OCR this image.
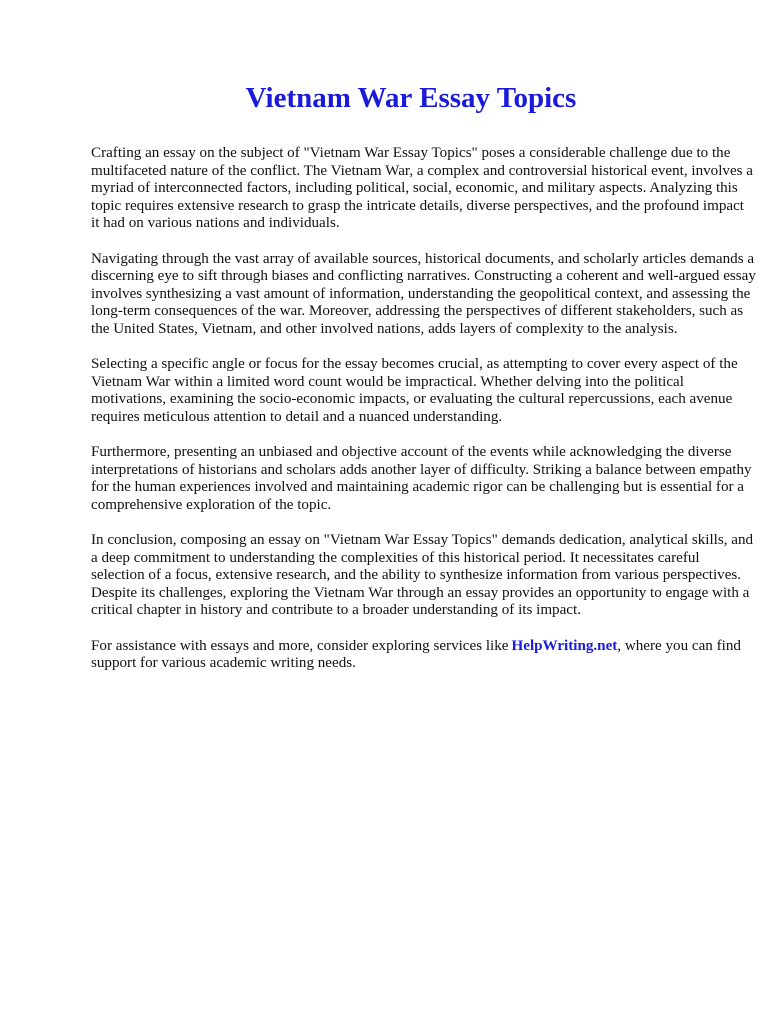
Vietnam War Essay Topics

Crafting an essay on the subject of "Vietnam War Essay Topics" poses a considerable challenge due to the multifaceted nature of the conflict. The Vietnam War, a complex and controversial historical event, involves a myriad of interconnected factors, including political, social, economic, and military aspects. Analyzing this topic requires extensive research to grasp the intricate details, diverse perspectives, and the profound impact it had on various nations and individuals.

Navigating through the vast array of available sources, historical documents, and scholarly articles demands a discerning eye to sift through biases and conflicting narratives. Constructing a coherent and well-argued essay involves synthesizing a vast amount of information, understanding the geopolitical context, and assessing the long-term consequences of the war. Moreover, addressing the perspectives of different stakeholders, such as the United States, Vietnam, and other involved nations, adds layers of complexity to the analysis.

Selecting a specific angle or focus for the essay becomes crucial, as attempting to cover every aspect of the Vietnam War within a limited word count would be impractical. Whether delving into the political motivations, examining the socio-economic impacts, or evaluating the cultural repercussions, each avenue requires meticulous attention to detail and a nuanced understanding.

Furthermore, presenting an unbiased and objective account of the events while acknowledging the diverse interpretations of historians and scholars adds another layer of difficulty. Striking a balance between empathy for the human experiences involved and maintaining academic rigor can be challenging but is essential for a comprehensive exploration of the topic.

In conclusion, composing an essay on "Vietnam War Essay Topics" demands dedication, analytical skills, and a deep commitment to understanding the complexities of this historical period. It necessitates careful selection of a focus, extensive research, and the ability to synthesize information from various perspectives. Despite its challenges, exploring the Vietnam War through an essay provides an opportunity to engage with a critical chapter in history and contribute to a broader understanding of its impact.

For assistance with essays and more, consider exploring services like HelpWriting.net, where you can find support for various academic writing needs.
